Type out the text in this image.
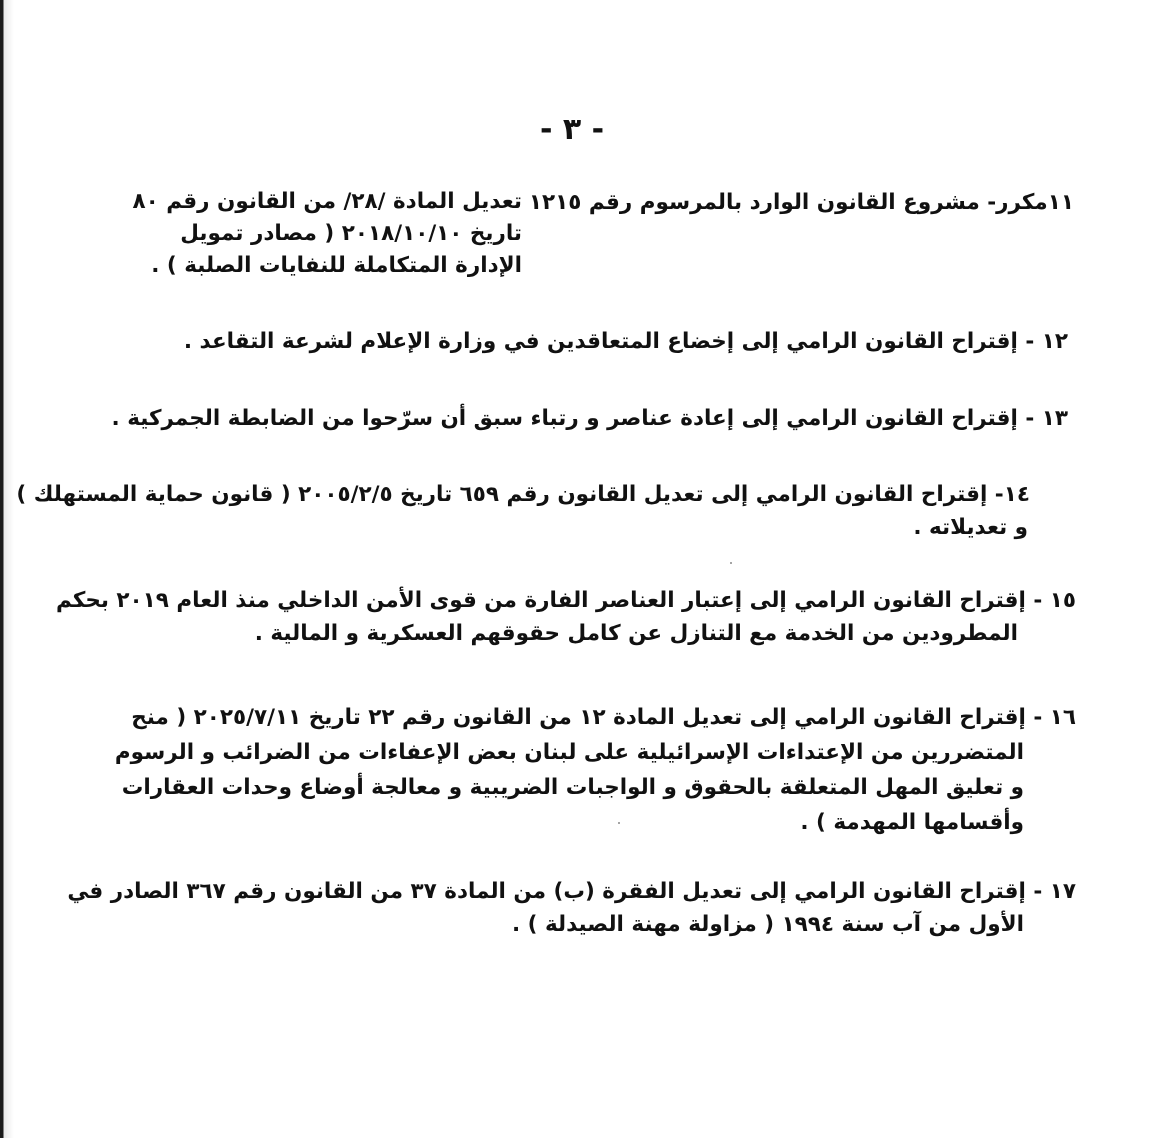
- ٣ -
١١مكرر- مشروع القانون الوارد بالمرسوم رقم ١٢١٥
تعديل المادة /٢٨/ من القانون رقم ٨٠
تاريخ ٢٠١٨/١٠/١٠ ( مصادر تمويل
الإدارة المتكاملة للنفايات الصلبة ) .
١٢ - إقتراح القانون الرامي إلى إخضاع المتعاقدين في وزارة الإعلام لشرعة التقاعد .
١٣ - إقتراح القانون الرامي إلى إعادة عناصر و رتباء سبق أن سرّحوا من الضابطة الجمركية .
١٤- إقتراح القانون الرامي إلى تعديل القانون رقم ٦٥٩ تاريخ ٢٠٠٥/٢/٥ ( قانون حماية المستهلك )
و تعديلاته .
١٥ - إقتراح القانون الرامي إلى إعتبار العناصر الفارة من قوى الأمن الداخلي منذ العام ٢٠١٩ بحكم
المطرودين من الخدمة مع التنازل عن كامل حقوقهم العسكرية و المالية .
١٦ - إقتراح القانون الرامي إلى تعديل المادة ١٢ من القانون رقم ٢٢ تاريخ ٢٠٢٥/٧/١١ ( منح
المتضررين من الإعتداءات الإسرائيلية على لبنان بعض الإعفاءات من الضرائب و الرسوم
و تعليق المهل المتعلقة بالحقوق و الواجبات الضريبية و معالجة أوضاع وحدات العقارات
وأقسامها المهدمة ) .
١٧ - إقتراح القانون الرامي إلى تعديل الفقرة (ب) من المادة ٣٧ من القانون رقم ٣٦٧ الصادر في
الأول من آب سنة ١٩٩٤ ( مزاولة مهنة الصيدلة ) .
